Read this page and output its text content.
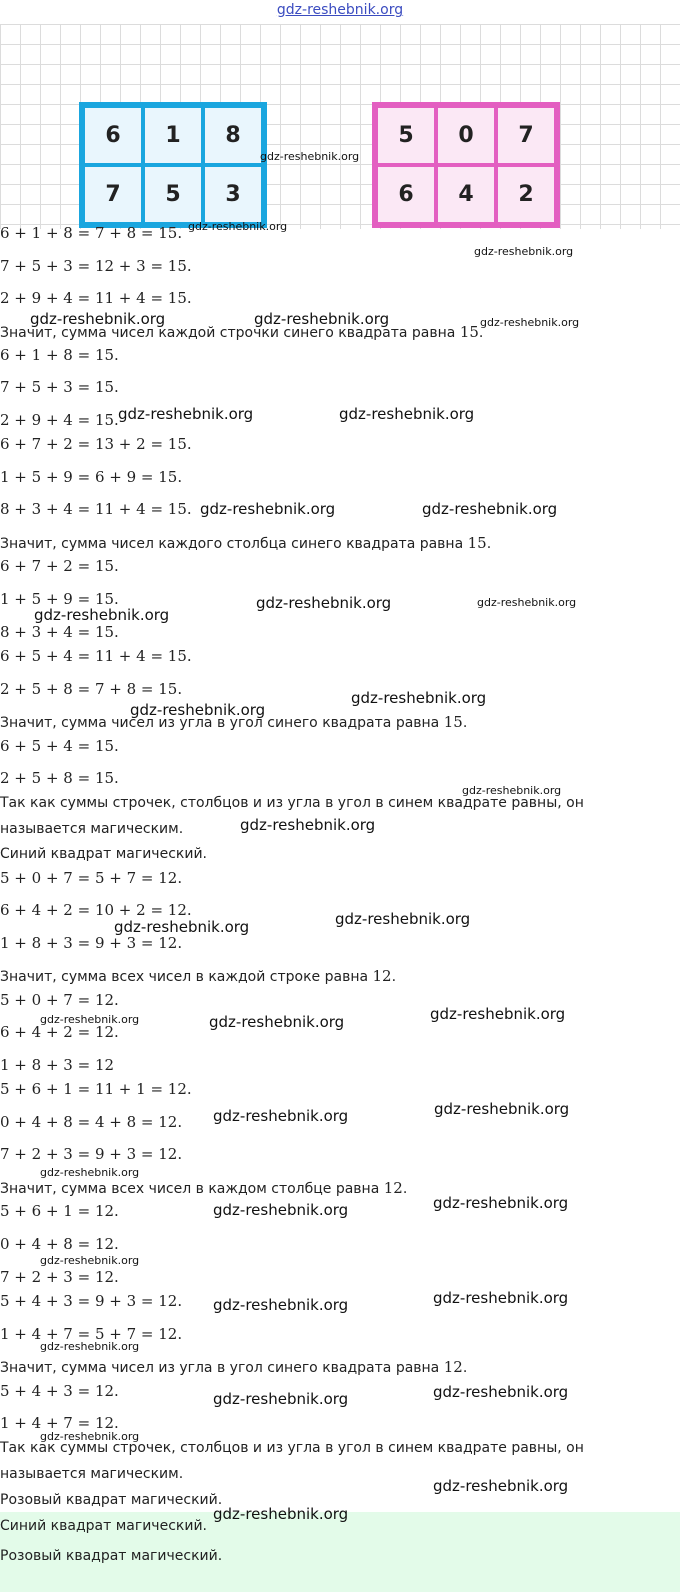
gdz-reshebnik.org
6	1	8
7	5	3
5	0	7
6	4	2
6 + 1 + 8 = 7 + 8 = 15.
7 + 5 + 3 = 12 + 3 = 15.
2 + 9 + 4 = 11 + 4 = 15.
Значит, сумма чисел каждой строчки синего квадрата равна 15.
6 + 1 + 8 = 15.
7 + 5 + 3 = 15.
2 + 9 + 4 = 15.
6 + 7 + 2 = 13 + 2 = 15.
1 + 5 + 9 = 6 + 9 = 15.
8 + 3 + 4 = 11 + 4 = 15.
Значит, сумма чисел каждого столбца синего квадрата равна 15.
6 + 7 + 2 = 15.
1 + 5 + 9 = 15.
8 + 3 + 4 = 15.
6 + 5 + 4 = 11 + 4 = 15.
2 + 5 + 8 = 7 + 8 = 15.
Значит, сумма чисел из угла в угол синего квадрата равна 15.
6 + 5 + 4 = 15.
2 + 5 + 8 = 15.
Так как суммы строчек, столбцов и из угла в угол в синем квадрате равны, он
называется магическим.
Синий квадрат магический.
5 + 0 + 7 = 5 + 7 = 12.
6 + 4 + 2 = 10 + 2 = 12.
1 + 8 + 3 = 9 + 3 = 12.
Значит, сумма всех чисел в каждой строке равна 12.
5 + 0 + 7 = 12.
6 + 4 + 2 = 12.
1 + 8 + 3 = 12
5 + 6 + 1 = 11 + 1 = 12.
0 + 4 + 8 = 4 + 8 = 12.
7 + 2 + 3 = 9 + 3 = 12.
Значит, сумма всех чисел в каждом столбце равна 12.
5 + 6 + 1 = 12.
0 + 4 + 8 = 12.
7 + 2 + 3 = 12.
5 + 4 + 3 = 9 + 3 = 12.
1 + 4 + 7 = 5 + 7 = 12.
Значит, сумма чисел из угла в угол синего квадрата равна 12.
5 + 4 + 3 = 12.
1 + 4 + 7 = 12.
Так как суммы строчек, столбцов и из угла в угол в синем квадрате равны, он
называется магическим.
Розовый квадрат магический.
Синий квадрат магический.
Розовый квадрат магический.
gdz-reshebnik.org
gdz-reshebnik.org
gdz-reshebnik.org
gdz-reshebnik.org	gdz-reshebnik.org	gdz-reshebnik.org
gdz-reshebnik.org	gdz-reshebnik.org
gdz-reshebnik.org	gdz-reshebnik.org
gdz-reshebnik.org	gdz-reshebnik.org
gdz-reshebnik.org
gdz-reshebnik.org
gdz-reshebnik.org
gdz-reshebnik.org
gdz-reshebnik.org
gdz-reshebnik.org
gdz-reshebnik.org
gdz-reshebnik.org
gdz-reshebnik.org	gdz-reshebnik.org
gdz-reshebnik.org
gdz-reshebnik.org
gdz-reshebnik.org
gdz-reshebnik.org
gdz-reshebnik.org
gdz-reshebnik.org
gdz-reshebnik.org
gdz-reshebnik.org
gdz-reshebnik.org
gdz-reshebnik.org
gdz-reshebnik.org
gdz-reshebnik.org
gdz-reshebnik.org
gdz-reshebnik.org
